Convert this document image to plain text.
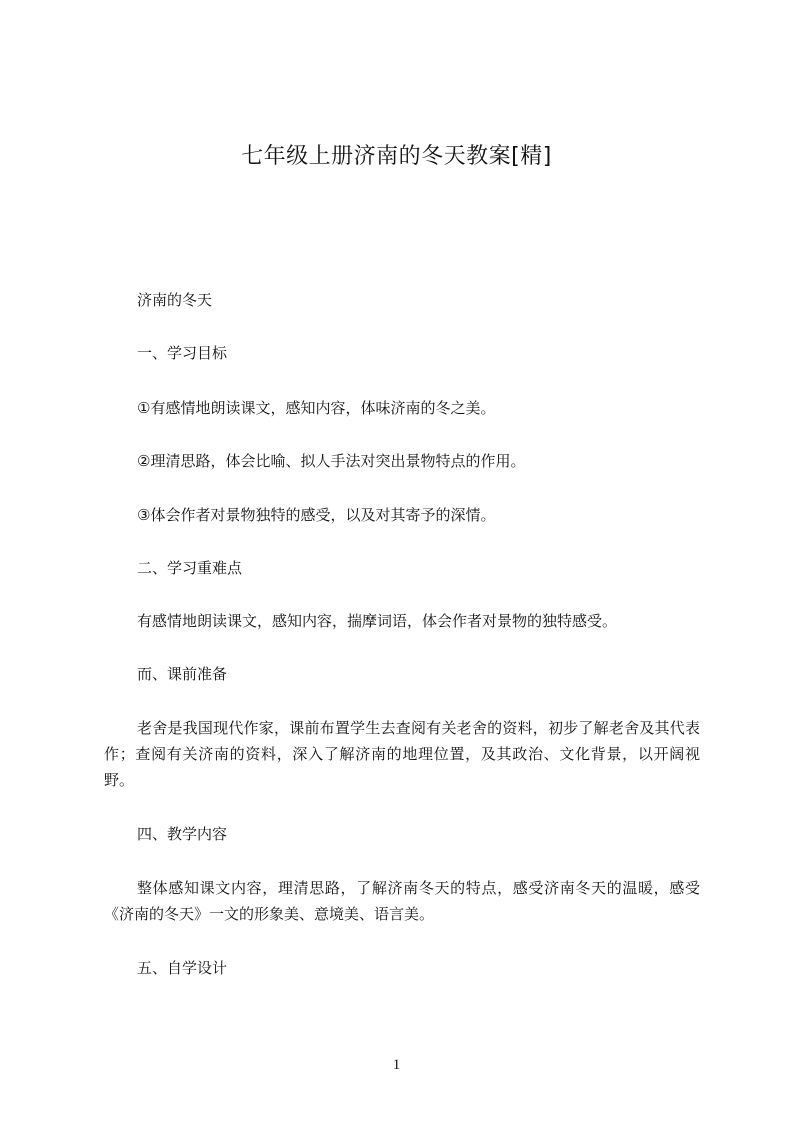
七年级上册济南的冬天教案[精]
济南的冬天
一、学习目标
①有感情地朗读课文，感知内容，体味济南的冬之美。
②理清思路，体会比喻、拟人手法对突出景物特点的作用。
③体会作者对景物独特的感受，以及对其寄予的深情。
二、学习重难点
有感情地朗读课文，感知内容，揣摩词语，体会作者对景物的独特感受。
而、课前准备
老舍是我国现代作家，课前布置学生去查阅有关老舍的资料，初步了解老舍及其代表作；查阅有关济南的资料，深入了解济南的地理位置，及其政治、文化背景，以开阔视野。
四、教学内容
整体感知课文内容，理清思路，了解济南冬天的特点，感受济南冬天的温暖，感受《济南的冬天》一文的形象美、意境美、语言美。
五、自学设计
1
